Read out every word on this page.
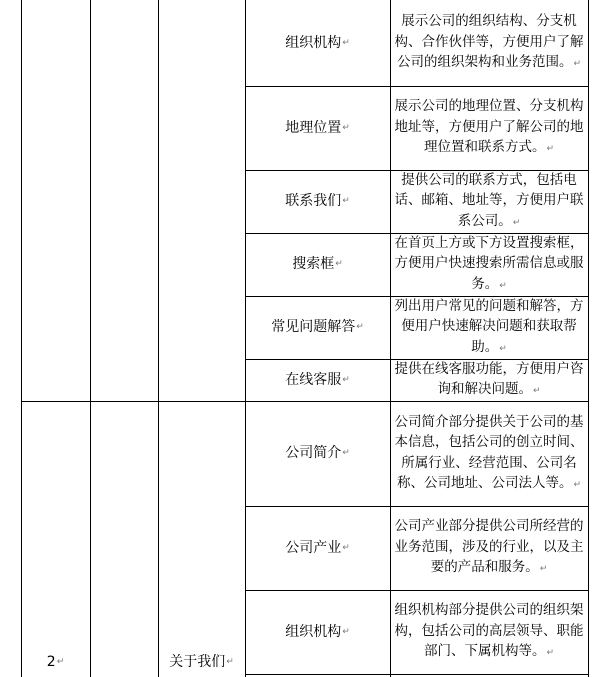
组织机构 ↵
展示公司的组织结构、分支机构、合作伙伴等，方便用户了解公司的组织架构和业务范围。↵
地理位置 ↵
展示公司的地理位置、分支机构地址等，方便用户了解公司的地理位置和联系方式。↵
联系我们 ↵
提供公司的联系方式，包括电话、邮箱、地址等，方便用户联系公司。↵
搜索框 ↵
在首页上方或下方设置搜索框，方便用户快速搜索所需信息或服务。↵
常见问题解答 ↵
列出用户常见的问题和解答，方便用户快速解决问题和获取帮助。↵
在线客服 ↵
提供在线客服功能，方便用户咨询和解决问题。↵
公司简介 ↵
公司简介部分提供关于公司的基本信息，包括公司的创立时间、所属行业、经营范围、公司名称、公司地址、公司法人等。↵
公司产业 ↵
公司产业部分提供公司所经营的业务范围，涉及的行业，以及主要的产品和服务。↵
组织机构 ↵
组织机构部分提供公司的组织架构，包括公司的高层领导、职能部门、下属机构等。↵
2 ↵	关于我们 ↵
